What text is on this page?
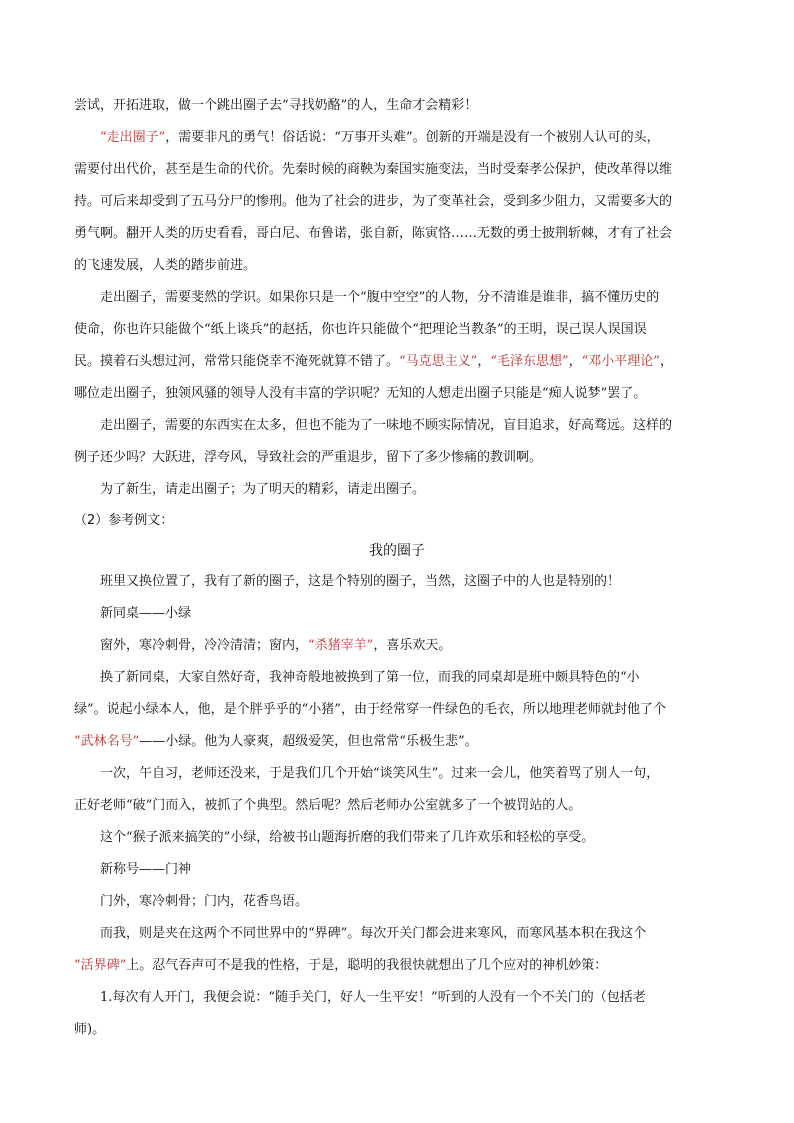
尝试，开拓进取，做一个跳出圈子去“寻找奶酪”的人，生命才会精彩！
“走出圈子”，需要非凡的勇气！俗话说：“万事开头难”。创新的开端是没有一个被别人认可的头，
需要付出代价，甚至是生命的代价。先秦时候的商鞅为秦国实施变法，当时受秦孝公保护，使改革得以维
持。可后来却受到了五马分尸的惨刑。他为了社会的进步，为了变革社会，受到多少阻力，又需要多大的
勇气啊。翻开人类的历史看看，哥白尼、布鲁诺，张自新，陈寅恪……无数的勇士披荆斩棘，才有了社会
的飞速发展，人类的踏步前进。
走出圈子，需要斐然的学识。如果你只是一个“腹中空空”的人物，分不清谁是谁非，搞不懂历史的
使命，你也许只能做个“纸上谈兵”的赵括，你也许只能做个“把理论当教条”的王明，误己误人误国误
民。摸着石头想过河，常常只能侥幸不淹死就算不错了。“马克思主义”，“毛泽东思想”，“邓小平理论”，
哪位走出圈子，独领风骚的领导人没有丰富的学识呢？无知的人想走出圈子只能是“痴人说梦”罢了。
走出圈子，需要的东西实在太多，但也不能为了一味地不顾实际情况，盲目追求，好高骛远。这样的
例子还少吗？大跃进，浮夸风，导致社会的严重退步，留下了多少惨痛的教训啊。
为了新生，请走出圈子；为了明天的精彩，请走出圈子。
（2）参考例文：
我的圈子
班里又换位置了，我有了新的圈子，这是个特别的圈子，当然，这圈子中的人也是特别的！
新同桌——小绿
窗外，寒冷刺骨，冷冷清清；窗内，“杀猪宰羊”，喜乐欢天。
换了新同桌，大家自然好奇，我神奇般地被换到了第一位，而我的同桌却是班中颇具特色的“小
绿”。说起小绿本人，他，是个胖乎乎的“小猪”，由于经常穿一件绿色的毛衣，所以地理老师就封他了个
“武林名号”——小绿。他为人豪爽，超级爱笑，但也常常“乐极生悲”。
一次，午自习，老师还没来，于是我们几个开始“谈笑风生”。过来一会儿，他笑着骂了别人一句，
正好老师“破”门而入，被抓了个典型。然后呢？然后老师办公室就多了一个被罚站的人。
这个“猴子派来搞笑的”小绿，给被书山题海折磨的我们带来了几许欢乐和轻松的享受。
新称号——门神
门外，寒冷刺骨；门内，花香鸟语。
而我，则是夹在这两个不同世界中的“界碑”。每次开关门都会进来寒风，而寒风基本积在我这个
“活界碑”上。忍气吞声可不是我的性格，于是，聪明的我很快就想出了几个应对的神机妙策：
1.每次有人开门，我便会说：“随手关门，好人一生平安！”听到的人没有一个不关门的（包括老
师)。
